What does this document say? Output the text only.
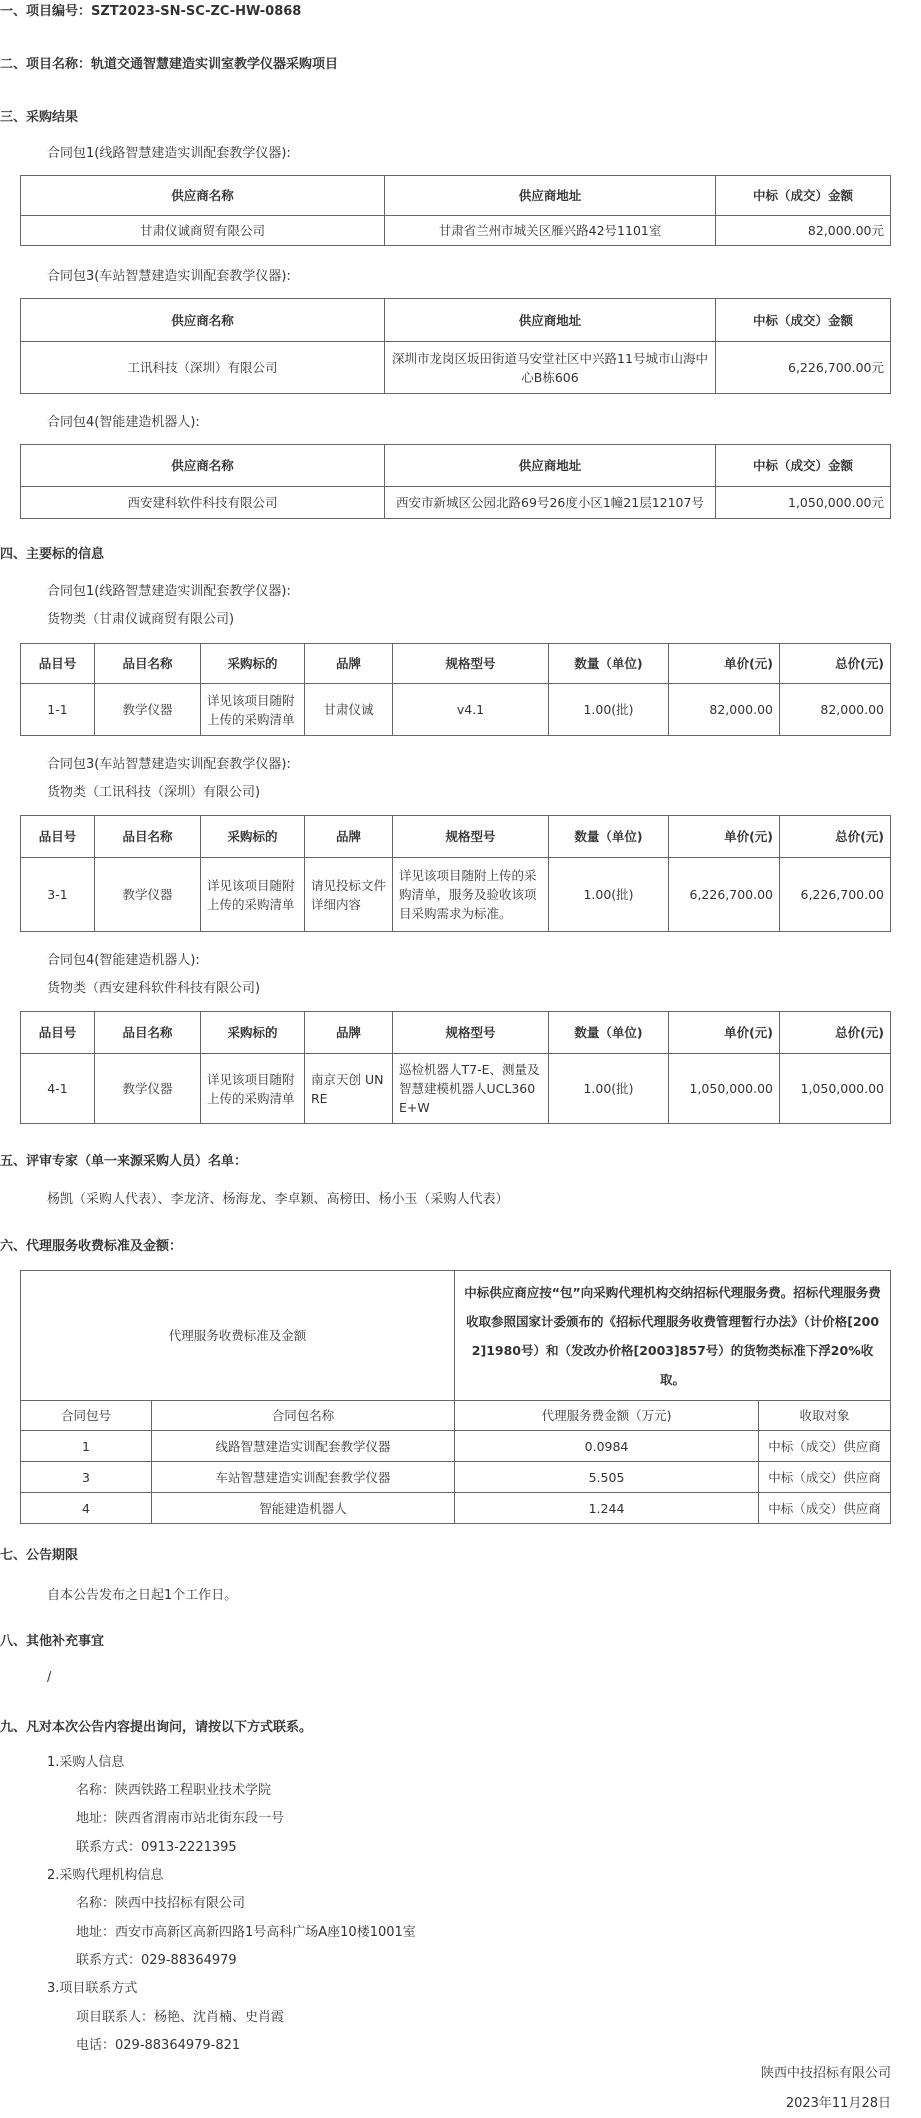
一、项目编号：SZT2023-SN-SC-ZC-HW-0868
二、项目名称：轨道交通智慧建造实训室教学仪器采购项目
三、采购结果
合同包1(线路智慧建造实训配套教学仪器):
供应商名称	供应商地址	中标（成交）金额
甘肃仪诚商贸有限公司	甘肃省兰州市城关区雁兴路42号1101室	82,000.00元
合同包3(车站智慧建造实训配套教学仪器):
供应商名称	供应商地址	中标（成交）金额
工讯科技（深圳）有限公司	深圳市龙岗区坂田街道马安堂社区中兴路11号城市山海中心B栋606	6,226,700.00元
合同包4(智能建造机器人):
供应商名称	供应商地址	中标（成交）金额
西安建科软件科技有限公司	西安市新城区公园北路69号26度小区1幢21层12107号	1,050,000.00元
四、主要标的信息
合同包1(线路智慧建造实训配套教学仪器):
货物类（甘肃仪诚商贸有限公司)
品目号	品目名称	采购标的	品牌	规格型号	数量（单位)	单价(元)	总价(元)
1-1	教学仪器	详见该项目随附上传的采购清单	甘肃仪诚	v4.1	1.00(批)	82,000.00	82,000.00
合同包3(车站智慧建造实训配套教学仪器):
货物类（工讯科技（深圳）有限公司)
品目号	品目名称	采购标的	品牌	规格型号	数量（单位)	单价(元)	总价(元)
3-1	教学仪器	详见该项目随附上传的采购清单	请见投标文件详细内容	详见该项目随附上传的采购清单，服务及验收该项目采购需求为标准。	1.00(批)	6,226,700.00	6,226,700.00
合同包4(智能建造机器人):
货物类（西安建科软件科技有限公司)
品目号	品目名称	采购标的	品牌	规格型号	数量（单位)	单价(元)	总价(元)
4-1	教学仪器	详见该项目随附上传的采购清单	南京天创 UNRE	巡检机器人T7-E、测量及智慧建模机器人UCL360E+W	1.00(批)	1,050,000.00	1,050,000.00
五、评审专家（单一来源采购人员）名单：
杨凯（采购人代表）、李龙济、杨海龙、李卓颖、高榜田、杨小玉（采购人代表）
六、代理服务收费标准及金额：
代理服务收费标准及金额		中标供应商应按“包”向采购代理机构交纳招标代理服务费。招标代理服务费收取参照国家计委颁布的《招标代理服务收费管理暂行办法》（计价格[2002]1980号）和（发改办价格[2003]857号）的货物类标准下浮20%收取。	
合同包号	合同包名称	代理服务费金额（万元)	收取对象
1	线路智慧建造实训配套教学仪器	0.0984	中标（成交）供应商
3	车站智慧建造实训配套教学仪器	5.505	中标（成交）供应商
4	智能建造机器人	1.244	中标（成交）供应商
七、公告期限
自本公告发布之日起1个工作日。
八、其他补充事宜
/
九、凡对本次公告内容提出询问，请按以下方式联系。
1.采购人信息
名称：陕西铁路工程职业技术学院
地址：陕西省渭南市站北街东段一号
联系方式：0913-2221395
2.采购代理机构信息
名称：陕西中技招标有限公司
地址：西安市高新区高新四路1号高科广场A座10楼1001室
联系方式：029-88364979
3.项目联系方式
项目联系人：杨艳、沈肖楠、史肖霞
电话：029-88364979-821
陕西中技招标有限公司
2023年11月28日
